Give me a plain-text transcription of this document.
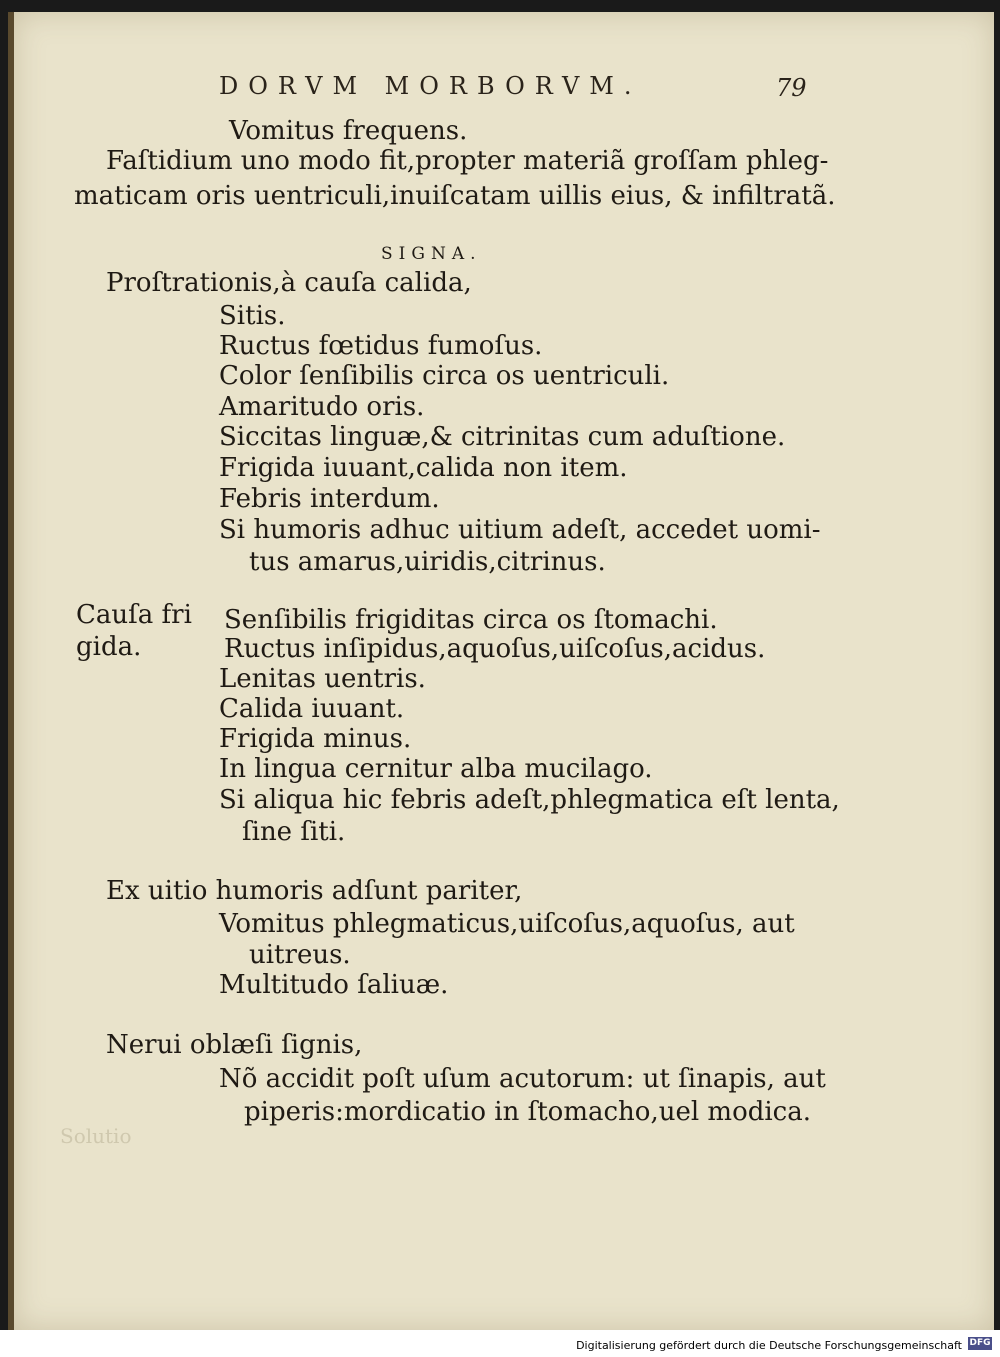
Solutio
DORVM MORBORVM.	79
Vomitus frequens.
Faſtidium uno modo fit,propter materiã groſſam phleg-
maticam oris uentriculi,inuiſcatam uillis eius, & infiltratã.
SIGNA.
Proſtrationis,à cauſa calida,
Sitis.
Ructus fœtidus fumoſus.
Color ſenſibilis circa os uentriculi.
Amaritudo oris.
Siccitas linguæ,& citrinitas cum aduſtione.
Frigida iuuant,calida non item.
Febris interdum.
Si humoris adhuc uitium adeſt, accedet uomi-
tus amarus,uiridis,citrinus.
Cauſa fri
gida.
Senſibilis frigiditas circa os ſtomachi.
Ructus inſipidus,aquoſus,uiſcoſus,acidus.
Lenitas uentris.
Calida iuuant.
Frigida minus.
In lingua cernitur alba mucilago.
Si aliqua hic febris adeſt,phlegmatica eſt lenta,
ſine ſiti.
Ex uitio humoris adſunt pariter,
Vomitus phlegmaticus,uiſcoſus,aquoſus, aut
uitreus.
Multitudo ſaliuæ.
Nerui oblæſi ſignis,
Nõ accidit poſt uſum acutorum: ut ſinapis, aut
piperis:mordicatio in ſtomacho,uel modica.
Digitalisierung gefördert durch die Deutsche Forschungsgemeinschaft DFG
